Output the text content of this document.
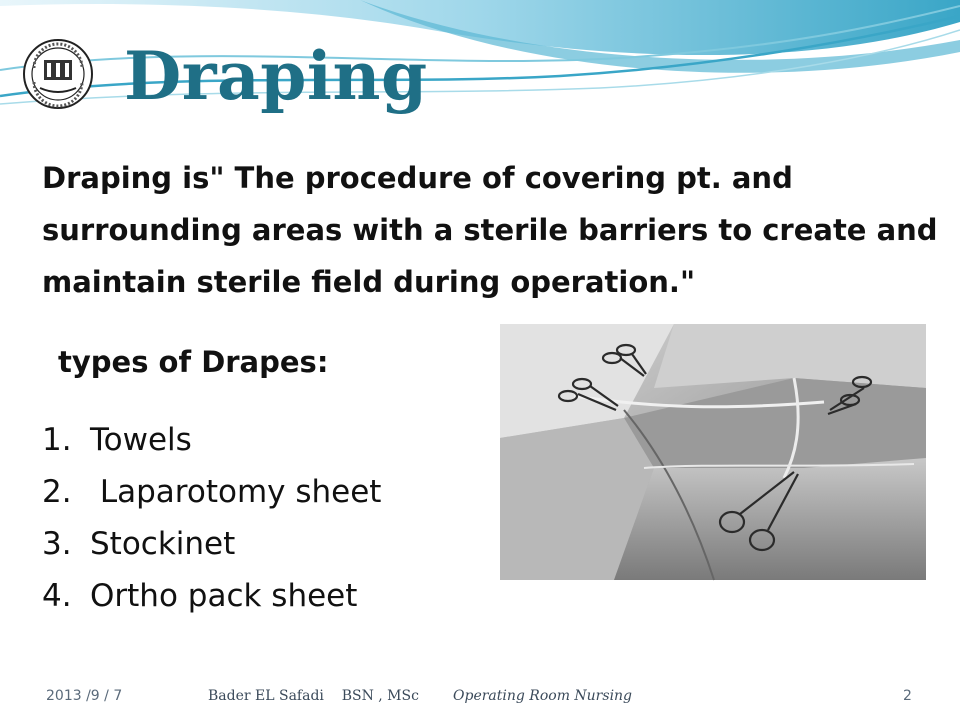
Draping
Draping is" The procedure of covering pt. and surrounding areas with a sterile barriers to create and maintain sterile field during operation."
types of Drapes:
1. Towels
2. Laparotomy sheet
3. Stockinet
4. Ortho pack sheet
2013 /9 / 7	Bader EL Safadi    BSN , MSc Operating Room Nursing	2
